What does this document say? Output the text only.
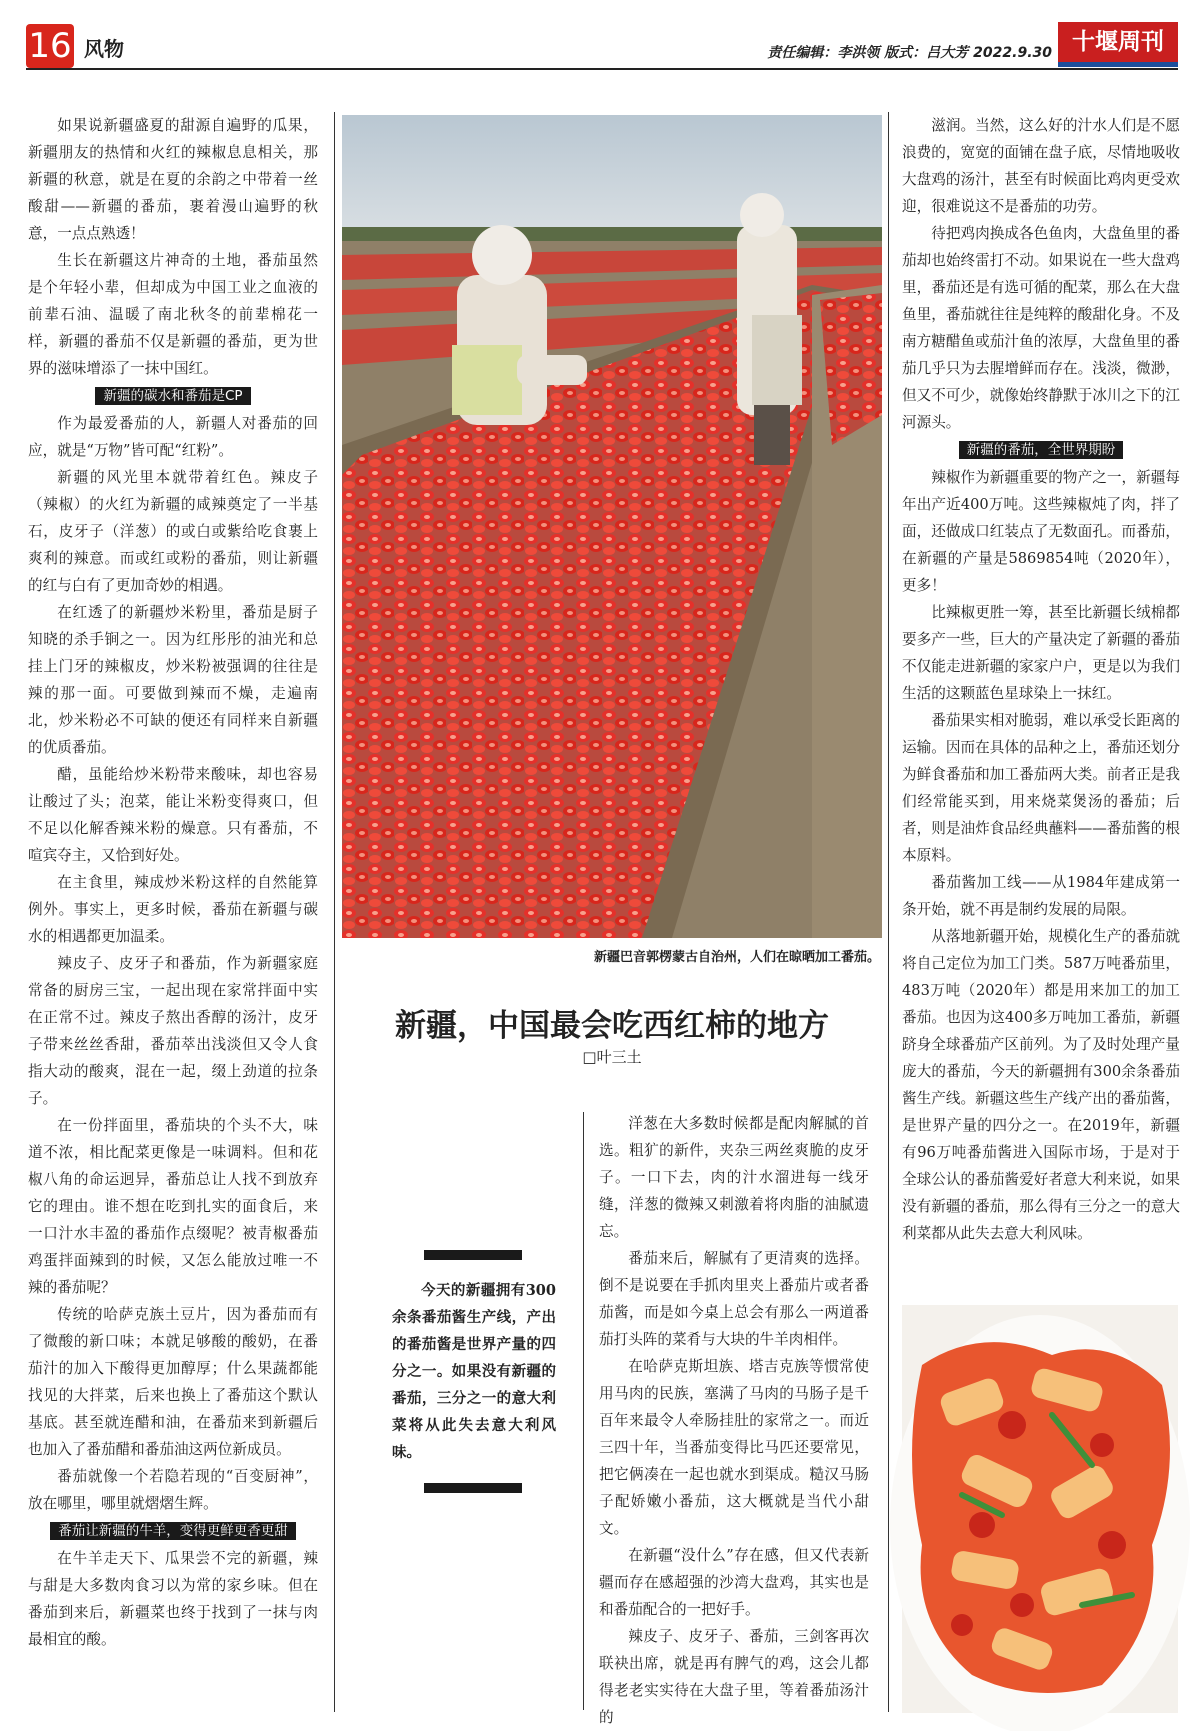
16 风物	责任编辑：李洪领 版式：吕大芳 2022.9.30 十堰周刊

如果说新疆盛夏的甜源自遍野的瓜果，新疆朋友的热情和火红的辣椒息息相关，那新疆的秋意，就是在夏的余韵之中带着一丝酸甜——新疆的番茄，裹着漫山遍野的秋意，一点点熟透！

生长在新疆这片神奇的土地，番茄虽然是个年轻小辈，但却成为中国工业之血液的前辈石油、温暖了南北秋冬的前辈棉花一样，新疆的番茄不仅是新疆的番茄，更为世界的滋味增添了一抹中国红。

新疆的碳水和番茄是CP

作为最爱番茄的人，新疆人对番茄的回应，就是“万物”皆可配“红粉”。

新疆的风光里本就带着红色。辣皮子（辣椒）的火红为新疆的咸辣奠定了一半基石，皮牙子（洋葱）的或白或紫给吃食裹上爽利的辣意。而或红或粉的番茄，则让新疆的红与白有了更加奇妙的相遇。

在红透了的新疆炒米粉里，番茄是厨子知晓的杀手锏之一。因为红彤彤的油光和总挂上门牙的辣椒皮，炒米粉被强调的往往是辣的那一面。可要做到辣而不燥，走遍南北，炒米粉必不可缺的便还有同样来自新疆的优质番茄。

醋，虽能给炒米粉带来酸味，却也容易让酸过了头；泡菜，能让米粉变得爽口，但不足以化解香辣米粉的燥意。只有番茄，不喧宾夺主，又恰到好处。

在主食里，辣成炒米粉这样的自然能算例外。事实上，更多时候，番茄在新疆与碳水的相遇都更加温柔。

辣皮子、皮牙子和番茄，作为新疆家庭常备的厨房三宝，一起出现在家常拌面中实在正常不过。辣皮子熬出香醇的汤汁，皮牙子带来丝丝香甜，番茄萃出浅淡但又令人食指大动的酸爽，混在一起，缀上劲道的拉条子。

在一份拌面里，番茄块的个头不大，味道不浓，相比配菜更像是一味调料。但和花椒八角的命运迥异，番茄总让人找不到放弃它的理由。谁不想在吃到扎实的面食后，来一口汁水丰盈的番茄作点缀呢？被青椒番茄鸡蛋拌面辣到的时候，又怎么能放过唯一不辣的番茄呢？

传统的哈萨克族土豆片，因为番茄而有了微酸的新口味；本就足够酸的酸奶，在番茄汁的加入下酸得更加醇厚；什么果蔬都能找见的大拌菜，后来也换上了番茄这个默认基底。甚至就连醋和油，在番茄来到新疆后也加入了番茄醋和番茄油这两位新成员。

番茄就像一个若隐若现的“百变厨神”，放在哪里，哪里就熠熠生辉。

番茄让新疆的牛羊，变得更鲜更香更甜

在牛羊走天下、瓜果尝不完的新疆，辣与甜是大多数肉食习以为常的家乡味。但在番茄到来后，新疆菜也终于找到了一抹与肉最相宜的酸。

新疆巴音郭楞蒙古自治州，人们在晾晒加工番茄。
新疆，中国最会吃西红柿的地方
□叶三土
今天的新疆拥有300余条番茄酱生产线，产出的番茄酱是世界产量的四分之一。如果没有新疆的番茄，三分之一的意大利菜将从此失去意大利风味。

洋葱在大多数时候都是配肉解腻的首选。粗犷的新件，夹杂三两丝爽脆的皮牙子。一口下去，肉的汁水溜进每一线牙缝，洋葱的微辣又刺激着将肉脂的油腻遗忘。

番茄来后，解腻有了更清爽的选择。倒不是说要在手抓肉里夹上番茄片或者番茄酱，而是如今桌上总会有那么一两道番茄打头阵的菜肴与大块的牛羊肉相伴。

在哈萨克斯坦族、塔吉克族等惯常使用马肉的民族，塞满了马肉的马肠子是千百年来最令人牵肠挂肚的家常之一。而近三四十年，当番茄变得比马匹还要常见，把它俩凑在一起也就水到渠成。糙汉马肠子配娇嫩小番茄，这大概就是当代小甜文。

在新疆“没什么”存在感，但又代表新疆而存在感超强的沙湾大盘鸡，其实也是和番茄配合的一把好手。

辣皮子、皮牙子、番茄，三剑客再次联袂出席，就是再有脾气的鸡，这会儿都得老老实实待在大盘子里，等着番茄汤汁的

滋润。当然，这么好的汁水人们是不愿浪费的，宽宽的面铺在盘子底，尽情地吸收大盘鸡的汤汁，甚至有时候面比鸡肉更受欢迎，很难说这不是番茄的功劳。

待把鸡肉换成各色鱼肉，大盘鱼里的番茄却也始终雷打不动。如果说在一些大盘鸡里，番茄还是有选可循的配菜，那么在大盘鱼里，番茄就往往是纯粹的酸甜化身。不及南方糖醋鱼或茄汁鱼的浓厚，大盘鱼里的番茄几乎只为去腥增鲜而存在。浅淡，微渺，但又不可少，就像始终静默于冰川之下的江河源头。

新疆的番茄，全世界期盼

辣椒作为新疆重要的物产之一，新疆每年出产近400万吨。这些辣椒炖了肉，拌了面，还做成口红装点了无数面孔。而番茄，在新疆的产量是5869854吨（2020年），更多！

比辣椒更胜一筹，甚至比新疆长绒棉都要多产一些，巨大的产量决定了新疆的番茄不仅能走进新疆的家家户户，更是以为我们生活的这颗蓝色星球染上一抹红。

番茄果实相对脆弱，难以承受长距离的运输。因而在具体的品种之上，番茄还划分为鲜食番茄和加工番茄两大类。前者正是我们经常能买到，用来烧菜煲汤的番茄；后者，则是油炸食品经典蘸料——番茄酱的根本原料。

番茄酱加工线——从1984年建成第一条开始，就不再是制约发展的局限。

从落地新疆开始，规模化生产的番茄就将自己定位为加工门类。587万吨番茄里，483万吨（2020年）都是用来加工的加工番茄。也因为这400多万吨加工番茄，新疆跻身全球番茄产区前列。为了及时处理产量庞大的番茄，今天的新疆拥有300余条番茄酱生产线。新疆这些生产线产出的番茄酱，是世界产量的四分之一。在2019年，新疆有96万吨番茄酱进入国际市场，于是对于全球公认的番茄酱爱好者意大利来说，如果没有新疆的番茄，那么得有三分之一的意大利菜都从此失去意大利风味。
